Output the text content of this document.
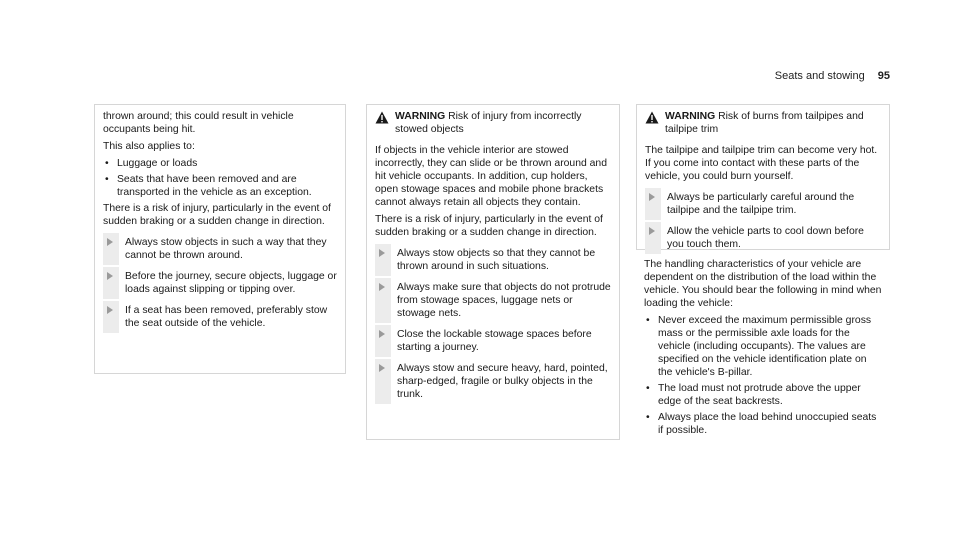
Seats and stowing 95

thrown around; this could result in vehicle occupants being hit.

This also applies to:

• Luggage or loads
• Seats that have been removed and are transported in the vehicle as an exception.

There is a risk of injury, particularly in the event of sudden braking or a sudden change in direction.

Always stow objects in such a way that they cannot be thrown around.
Before the journey, secure objects, luggage or loads against slipping or tipping over.
If a seat has been removed, preferably stow the seat outside of the vehicle.
WARNING Risk of injury from incorrectly stowed objects

If objects in the vehicle interior are stowed incorrectly, they can slide or be thrown around and hit vehicle occupants. In addition, cup holders, open stowage spaces and mobile phone brackets cannot always retain all objects they contain.

There is a risk of injury, particularly in the event of sudden braking or a sudden change in direction.

Always stow objects so that they cannot be thrown around in such situations.
Always make sure that objects do not protrude from stowage spaces, luggage nets or stowage nets.
Close the lockable stowage spaces before starting a journey.
Always stow and secure heavy, hard, pointed, sharp-edged, fragile or bulky objects in the trunk.
WARNING Risk of burns from tailpipes and tailpipe trim

The tailpipe and tailpipe trim can become very hot. If you come into contact with these parts of the vehicle, you could burn yourself.

Always be particularly careful around the tailpipe and the tailpipe trim.
Allow the vehicle parts to cool down before you touch them.

The handling characteristics of your vehicle are dependent on the distribution of the load within the vehicle. You should bear the following in mind when loading the vehicle:

• Never exceed the maximum permissible gross mass or the permissible axle loads for the vehicle (including occupants). The values are specified on the vehicle identification plate on the vehicle's B-pillar.
• The load must not protrude above the upper edge of the seat backrests.
• Always place the load behind unoccupied seats if possible.
